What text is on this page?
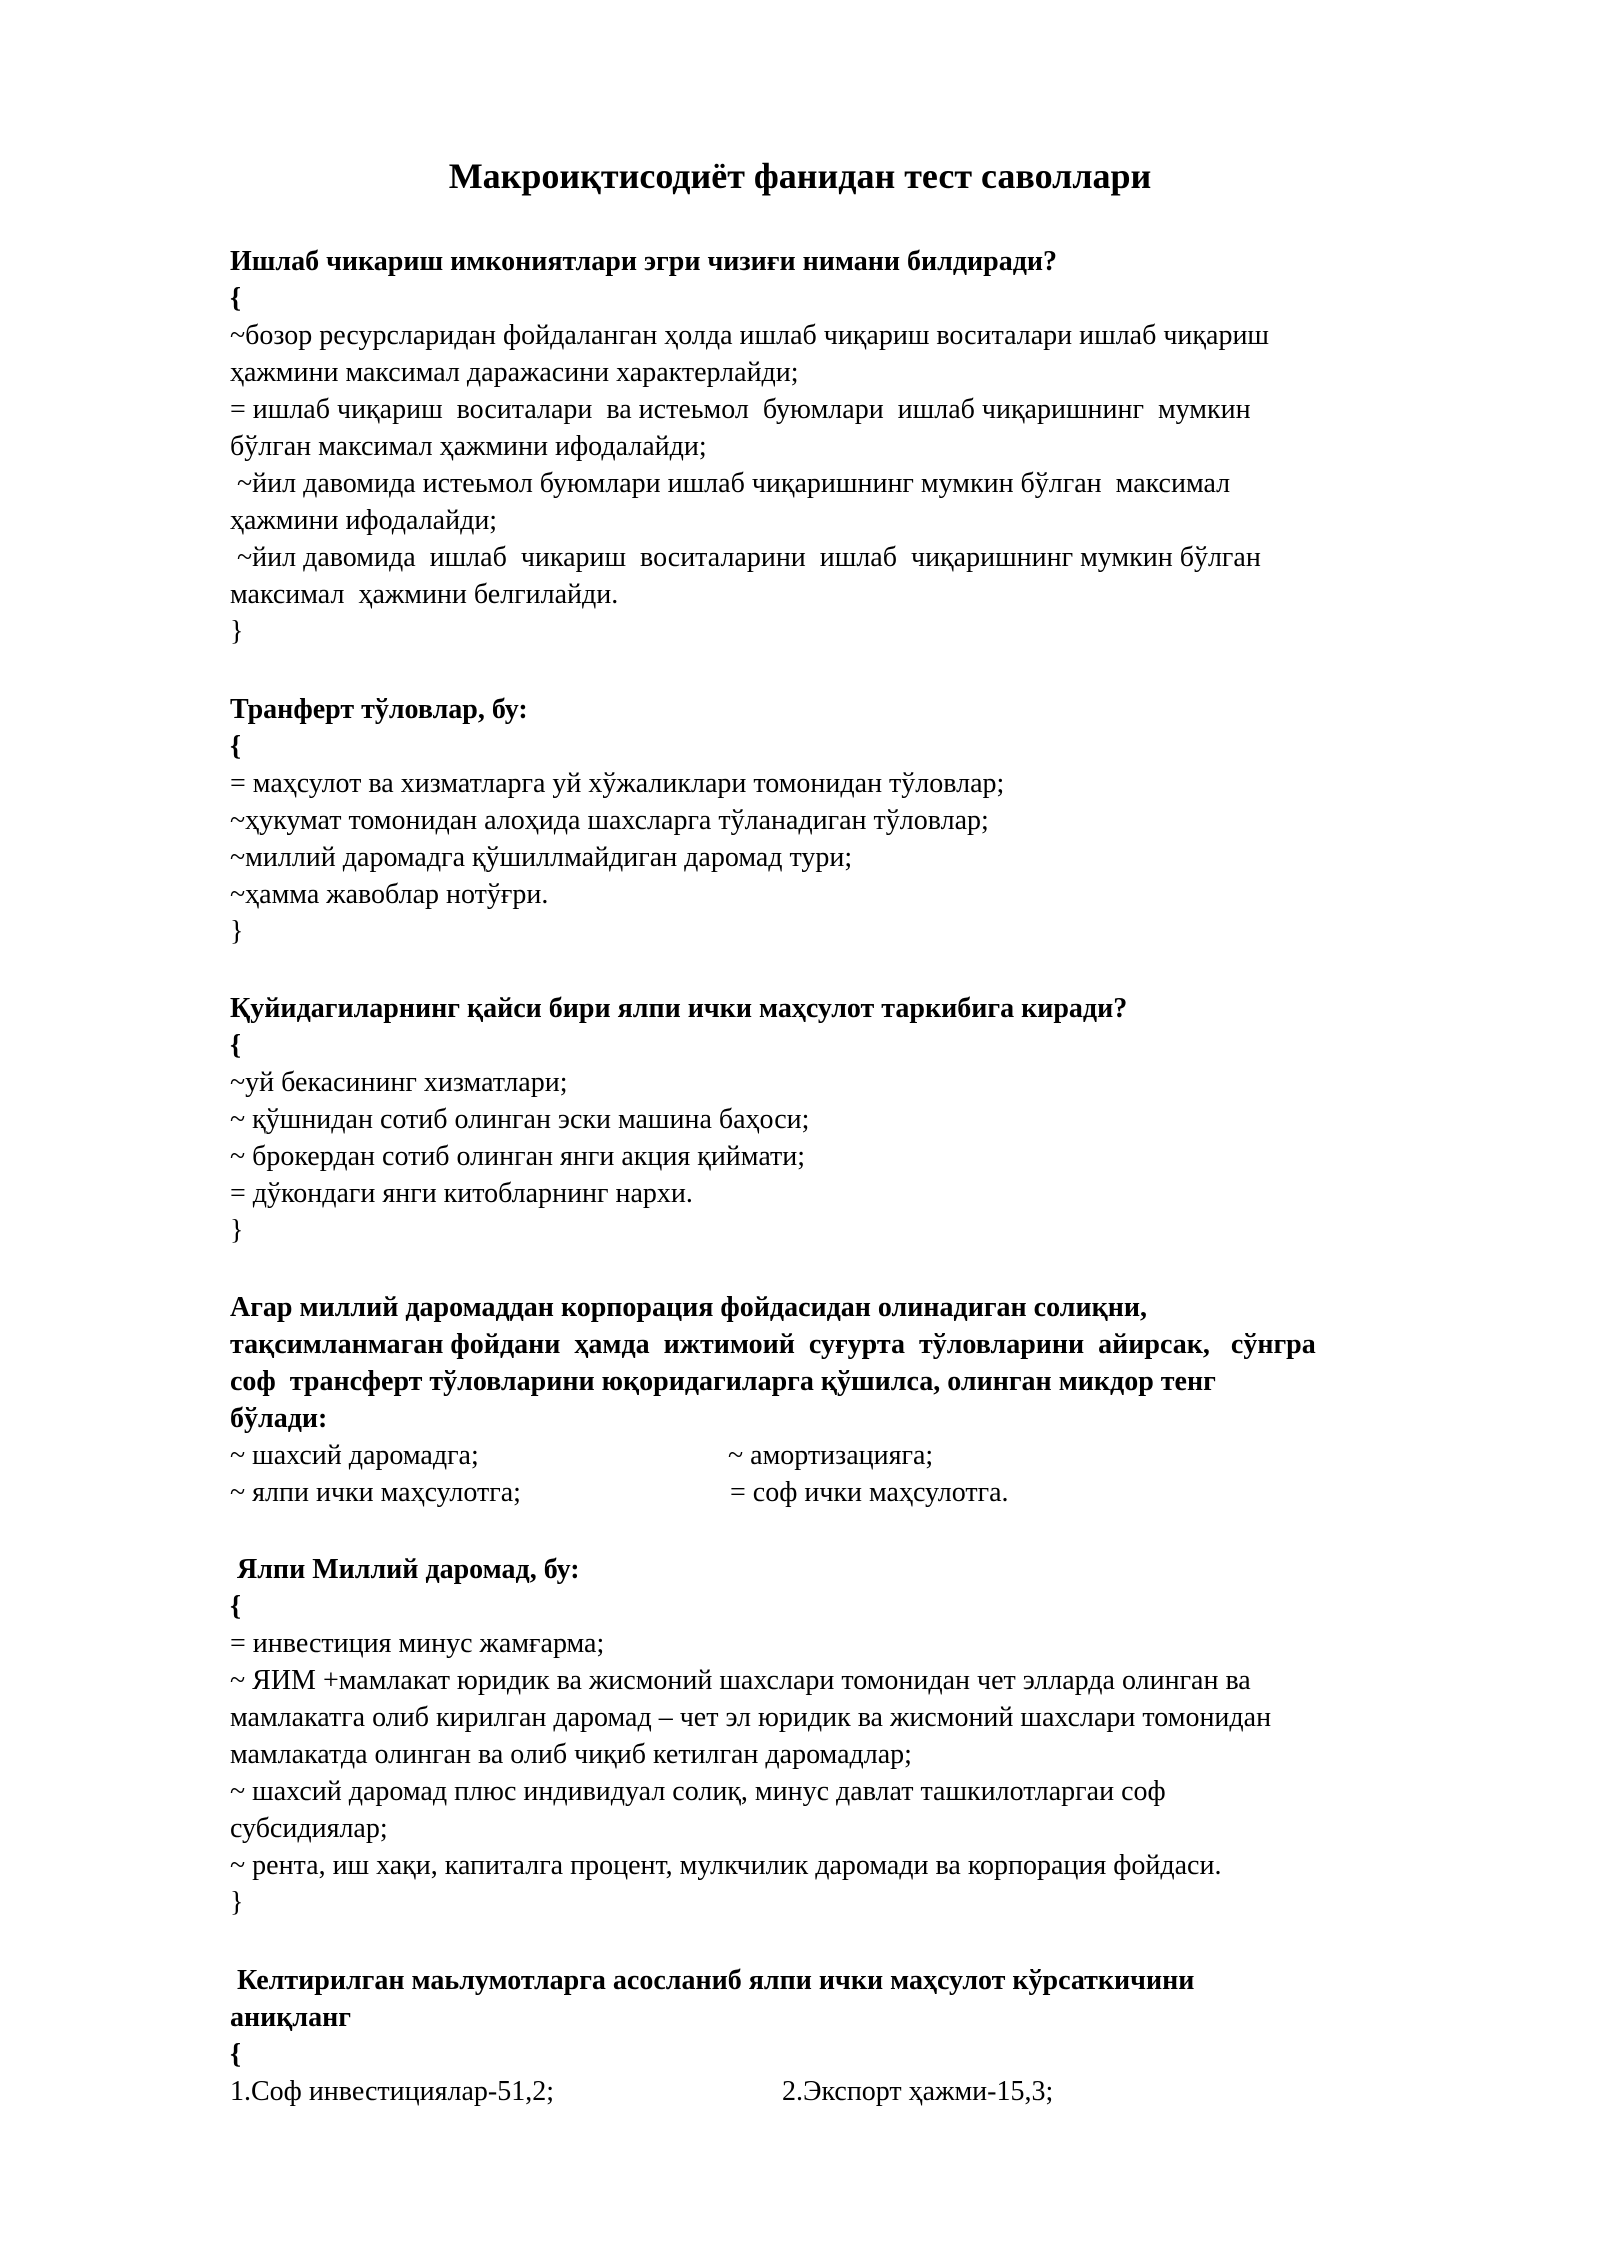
Макроиқтисодиёт фанидан тест саволлари
Ишлаб чикариш имкониятлари эгри чизиғи нимани билдиради?
{
~бозор ресурсларидан фойдаланган ҳолда ишлаб чиқариш воситалари ишлаб чиқариш
ҳажмини максимал даражасини характерлайди;
= ишлаб чиқариш  воситалари  ва истеьмол  буюмлари  ишлаб чиқаришнинг  мумкин
бўлган максимал ҳажмини ифодалайди;
~йил давомида истеьмол буюмлари ишлаб чиқаришнинг мумкин бўлган  максимал
ҳажмини ифодалайди;
~йил давомида  ишлаб  чикариш  воситаларини  ишлаб  чиқаришнинг мумкин бўлган
максимал  ҳажмини белгилайди.
}
Транферт тўловлар, бу:
{
= маҳсулот ва хизматларга уй хўжаликлари томонидан тўловлар;
~ҳукумат томонидан алоҳида шахсларга тўланадиган тўловлар;
~миллий даромадга қўшиллмайдиган даромад тури;
~ҳамма жавоблар нотўғри.
}
Қуйидагиларнинг қайси бири ялпи ички маҳсулот таркибига киради?
{
~уй бекасининг хизматлари;
~ қўшнидан сотиб олинган эски машина баҳоси;
~ брокердан сотиб олинган янги акция қиймати;
= дўкондаги янги китобларнинг нархи.
}
Агар миллий даромаддан корпорация фойдасидан олинадиган солиқни,
тақсимланмаган фойдани  ҳамда  ижтимоий  суғурта  тўловларини  айирсак,   сўнгра
соф  трансферт тўловларини юқоридагиларга қўшилса, олинган микдор тенг
бўлади:
~ шахсий даромадга;	~ амортизацияга;
~ ялпи ички маҳсулотга;	= соф ички маҳсулотга.
Ялпи Миллий даромад, бу:
{
= инвестиция минус жамғарма;
~ ЯИМ +мамлакат юридик ва жисмоний шахслари томонидан чет элларда олинган ва
мамлакатга олиб кирилган даромад – чет эл юридик ва жисмоний шахслари томонидан
мамлакатда олинган ва олиб чиқиб кетилган даромадлар;
~ шахсий даромад плюс индивидуал солиқ, минус давлат ташкилотларгаи соф
субсидиялар;
~ рента, иш хақи, капиталга процент, мулкчилик даромади ва корпорация фойдаси.
}
Келтирилган маьлумотларга асосланиб ялпи ички маҳсулот кўрсаткичини
аниқланг
{
1.Соф инвестициялар-51,2;	2.Экспорт ҳажми-15,3;
